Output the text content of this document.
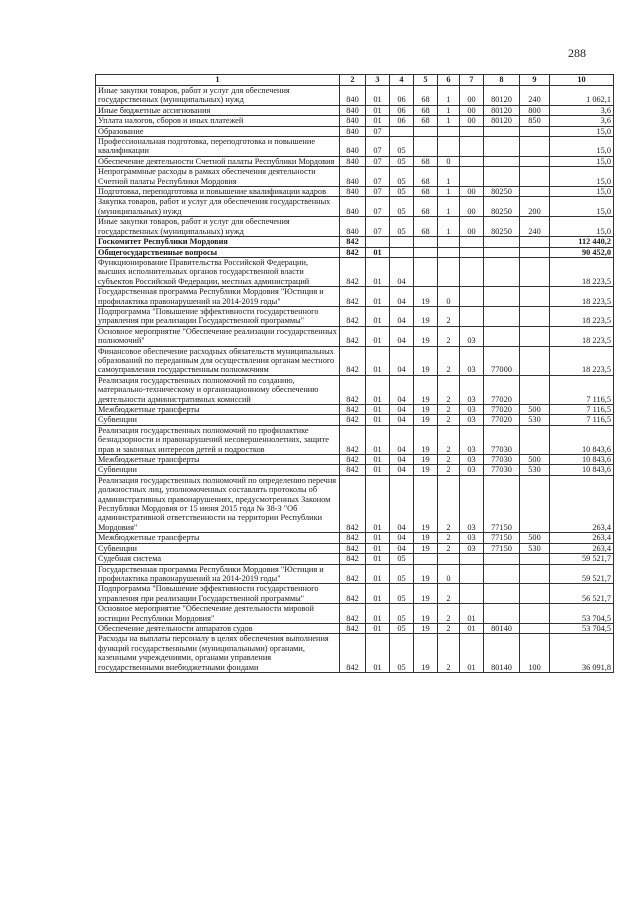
288
1	2	3	4	5	6	7	8	9	10
Иные закупки товаров, работ и услуг для обеспечения государственных (муниципальных) нужд	840	01	06	68	1	00	80120	240	1 062,1
Иные бюджетные ассигнования	840	01	06	68	1	00	80120	800	3,6
Уплата налогов, сборов и иных платежей	840	01	06	68	1	00	80120	850	3,6
Образование	840	07							15,0
Профессиональная подготовка, переподготовка и повышение квалификации	840	07	05						15,0
Обеспечение деятельности Счетной палаты Республики Мордовия	840	07	05	68	0				15,0
Непрограммные расходы в рамках обеспечения деятельности Счетной палаты Республики Мордовия	840	07	05	68	1				15,0
Подготовка, переподготовка и повышение квалификации кадров	840	07	05	68	1	00	80250		15,0
Закупка товаров, работ и услуг для обеспечения государственных (муниципальных) нужд	840	07	05	68	1	00	80250	200	15,0
Иные закупки товаров, работ и услуг для обеспечения государственных (муниципальных) нужд	840	07	05	68	1	00	80250	240	15,0
Госкомитет Республики Мордовия	842								112 440,2
Общегосударственные вопросы	842	01							90 452,0
Функционирование Правительства Российской Федерации, высших исполнительных органов государственной власти субъектов Российской Федерации, местных администраций	842	01	04						18 223,5
Государственная программа Республики Мордовия "Юстиция и профилактика правонарушений на 2014-2019 годы"	842	01	04	19	0				18 223,5
Подпрограмма "Повышение эффективности государственного управления при реализации Государственной программы"	842	01	04	19	2				18 223,5
Основное мероприятие "Обеспечение реализации государственных полномочий"	842	01	04	19	2	03			18 223,5
Финансовое обеспечение расходных обязательств муниципальных образований по переданным для осуществления органам местного самоуправления государственным полномочиям	842	01	04	19	2	03	77000		18 223,5
Реализация государственных полномочий по созданию, материально-техническому и организационному обеспечению деятельности административных комиссий	842	01	04	19	2	03	77020		7 116,5
Межбюджетные трансферты	842	01	04	19	2	03	77020	500	7 116,5
Субвенции	842	01	04	19	2	03	77020	530	7 116,5
Реализация государственных полномочий по профилактике безнадзорности и правонарушений несовершеннолетних, защите прав и законных интересов детей и подростков	842	01	04	19	2	03	77030		10 843,6
Межбюджетные трансферты	842	01	04	19	2	03	77030	500	10 843,6
Субвенции	842	01	04	19	2	03	77030	530	10 843,6
Реализация государственных полномочий по определению перечня должностных лиц, уполномоченных составлять протоколы об административных правонарушениях, предусмотренных Законом Республики Мордовия от 15 июня 2015 года № 38-З "Об административной ответственности на территории Республики Мордовия"	842	01	04	19	2	03	77150		263,4
Межбюджетные трансферты	842	01	04	19	2	03	77150	500	263,4
Субвенции	842	01	04	19	2	03	77150	530	263,4
Судебная система	842	01	05						59 521,7
Государственная программа Республики Мордовия "Юстиция и профилактика правонарушений на 2014-2019 годы"	842	01	05	19	0				59 521,7
Подпрограмма "Повышение эффективности государственного управления при реализации Государственной программы"	842	01	05	19	2				56 521,7
Основное мероприятие "Обеспечение деятельности мировой юстиции Республики Мордовия"	842	01	05	19	2	01			53 704,5
Обеспечение деятельности аппаратов судов	842	01	05	19	2	01	80140		53 704,5
Расходы на выплаты персоналу в целях обеспечения выполнения функций государственными (муниципальными) органами, казенными учреждениями, органами управления государственными внебюджетными фондами	842	01	05	19	2	01	80140	100	36 091,8
